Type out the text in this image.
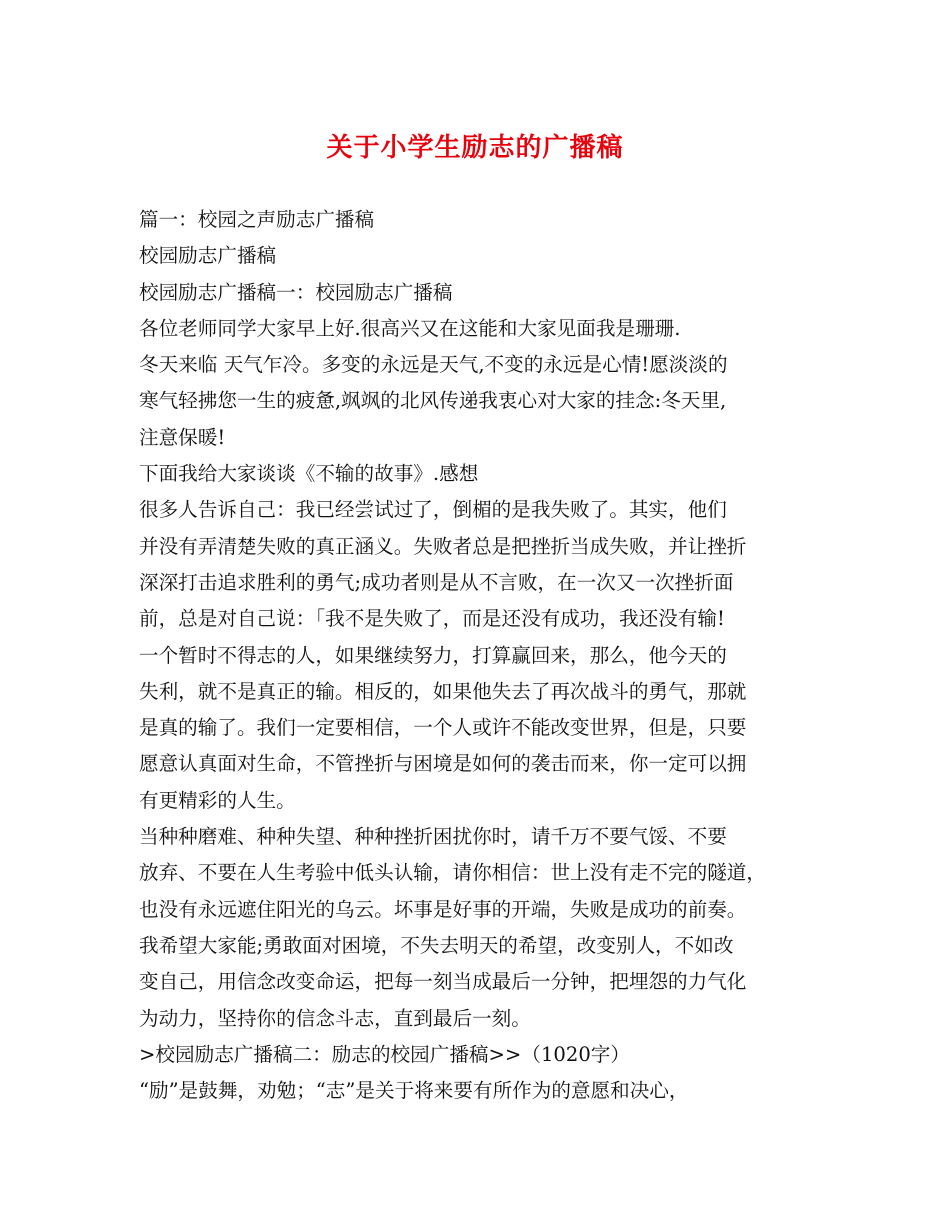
关于小学生励志的广播稿
篇一：校园之声励志广播稿
校园励志广播稿
校园励志广播稿一：校园励志广播稿
各位老师同学大家早上好.很高兴又在这能和大家见面我是珊珊.
冬天来临 天气乍冷。多变的永远是天气,不变的永远是心情!愿淡淡的
寒气轻拂您一生的疲惫,飒飒的北风传递我衷心对大家的挂念:冬天里,
注意保暖!
下面我给大家谈谈《不输的故事》.感想
很多人告诉自己：我已经尝试过了，倒楣的是我失败了。其实，他们
并没有弄清楚失败的真正涵义。失败者总是把挫折当成失败，并让挫折
深深打击追求胜利的勇气;成功者则是从不言败，在一次又一次挫折面
前，总是对自己说：｢我不是失败了，而是还没有成功，我还没有输!
一个暂时不得志的人，如果继续努力，打算赢回来，那么，他今天的
失利，就不是真正的输。相反的，如果他失去了再次战斗的勇气，那就
是真的输了。我们一定要相信，一个人或许不能改变世界，但是，只要
愿意认真面对生命，不管挫折与困境是如何的袭击而来，你一定可以拥
有更精彩的人生。
当种种磨难、种种失望、种种挫折困扰你时，请千万不要气馁、不要
放弃、不要在人生考验中低头认输，请你相信：世上没有走不完的隧道，
也没有永远遮住阳光的乌云。坏事是好事的开端，失败是成功的前奏。
我希望大家能;勇敢面对困境，不失去明天的希望，改变别人，不如改
变自己，用信念改变命运，把每一刻当成最后一分钟，把埋怨的力气化
为动力，坚持你的信念斗志，直到最后一刻。
>校园励志广播稿二：励志的校园广播稿>>（1020字）
“励”是鼓舞，劝勉；“志”是关于将来要有所作为的意愿和决心，
